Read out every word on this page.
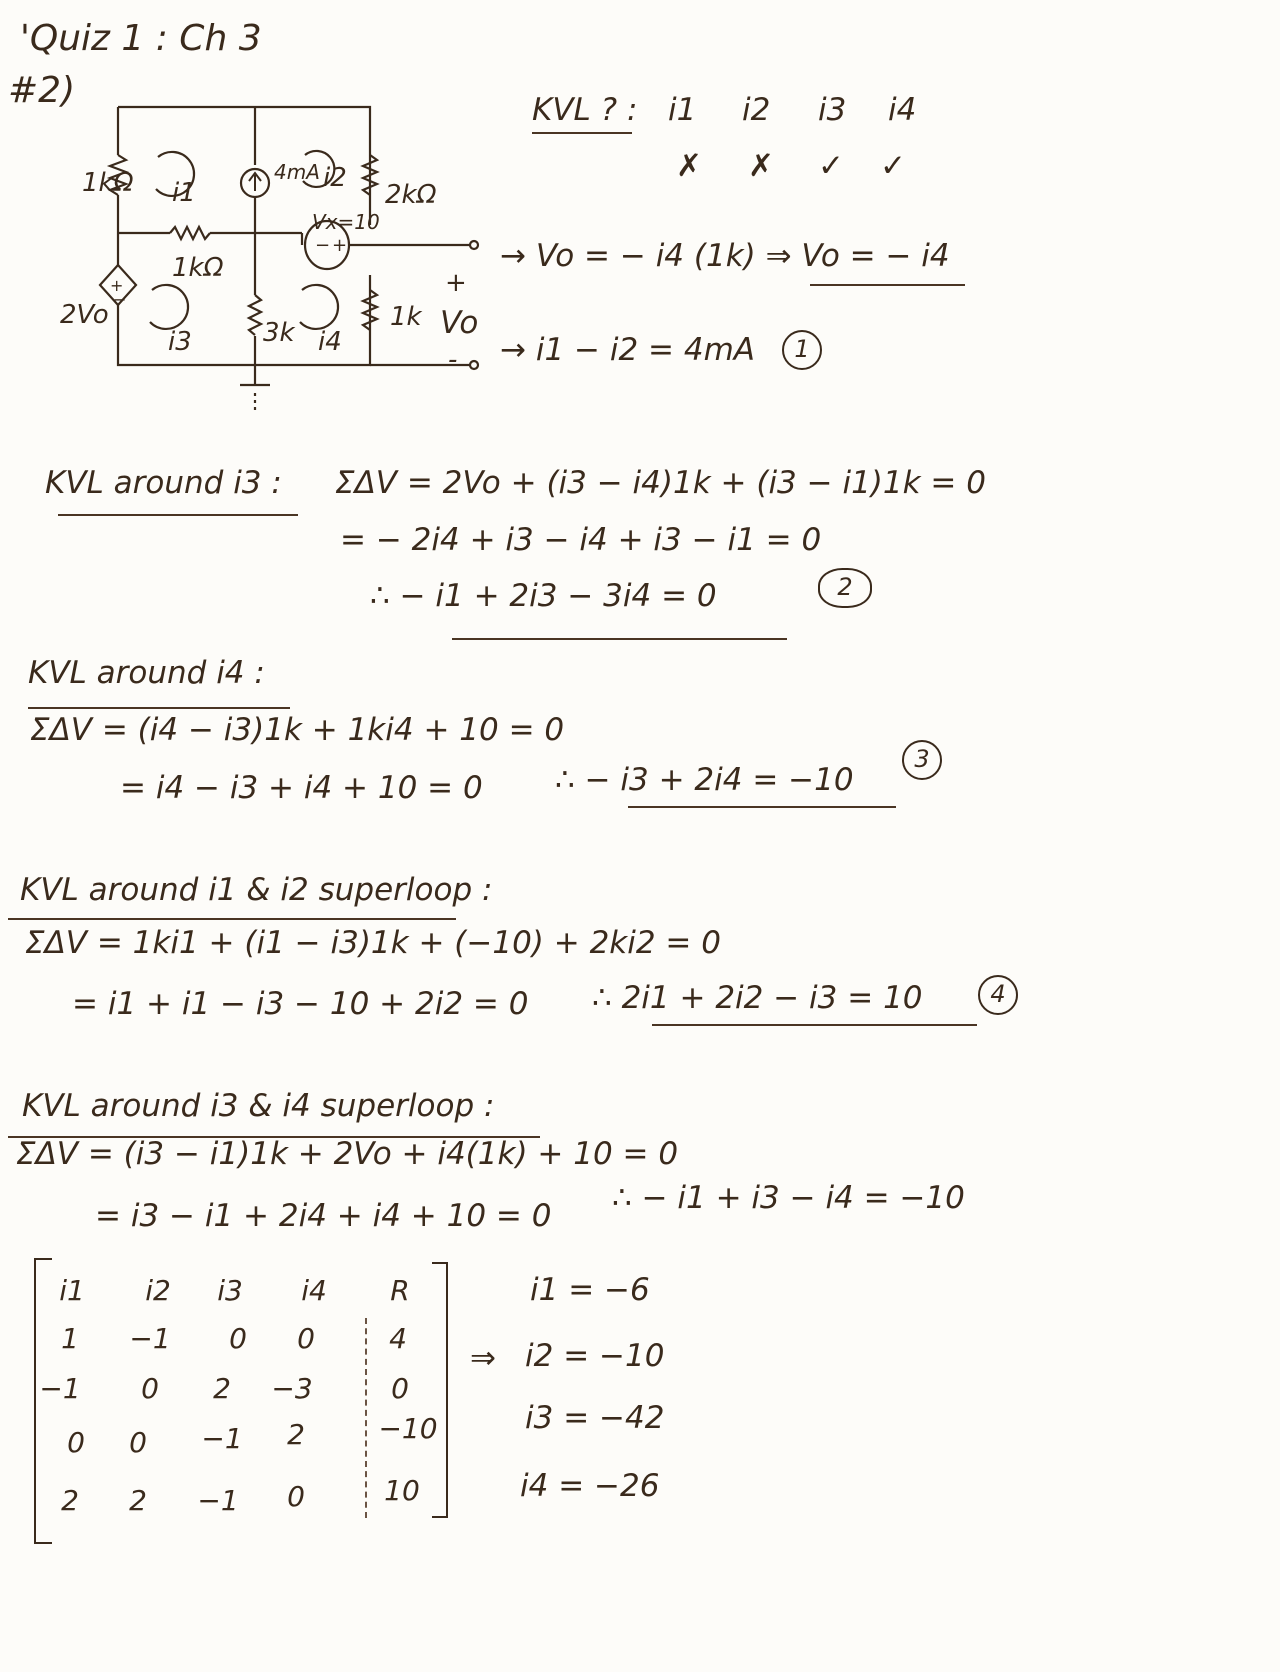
'Quiz 1 : Ch 3
#2)
− +
+
−
1kΩ
1kΩ
2kΩ
4mA
Vx=10
2Vo
3k
1k Vo
+
-
i1	i2
i3	i4
KVL ? : i1 i2 i3 i4
✗ ✗ ✓ ✓
→ Vo = − i4 (1k) ⇒ Vo = − i4
→ i1 − i2 = 4mA	1
KVL around i3 : ΣΔV = 2Vo + (i3 − i4)1k + (i3 − i1)1k = 0
= − 2i4 + i3 − i4 + i3 − i1 = 0
∴ − i1 + 2i3 − 3i4 = 0	2
KVL around i4 :
ΣΔV = (i4 − i3)1k + 1ki4 + 10 = 0
= i4 − i3 + i4 + 10 = 0 ∴ − i3 + 2i4 = −10
3
KVL around i1 & i2 superloop :
ΣΔV = 1ki1 + (i1 − i3)1k + (−10) + 2ki2 = 0
= i1 + i1 − i3 − 10 + 2i2 = 0 ∴ 2i1 + 2i2 − i3 = 10	4
KVL around i3 & i4 superloop :
ΣΔV = (i3 − i1)1k + 2Vo + i4(1k) + 10 = 0
= i3 − i1 + 2i4 + i4 + 10 = 0 ∴ − i1 + i3 − i4 = −10
i1	i2	i3	i4	R
1	−1	0	0	4
−1	0	2	−3	0
0	0	−1	2	−10
2	2	−1	0	10
⇒
i1 = −6
i2 = −10
i3 = −42
i4 = −26
